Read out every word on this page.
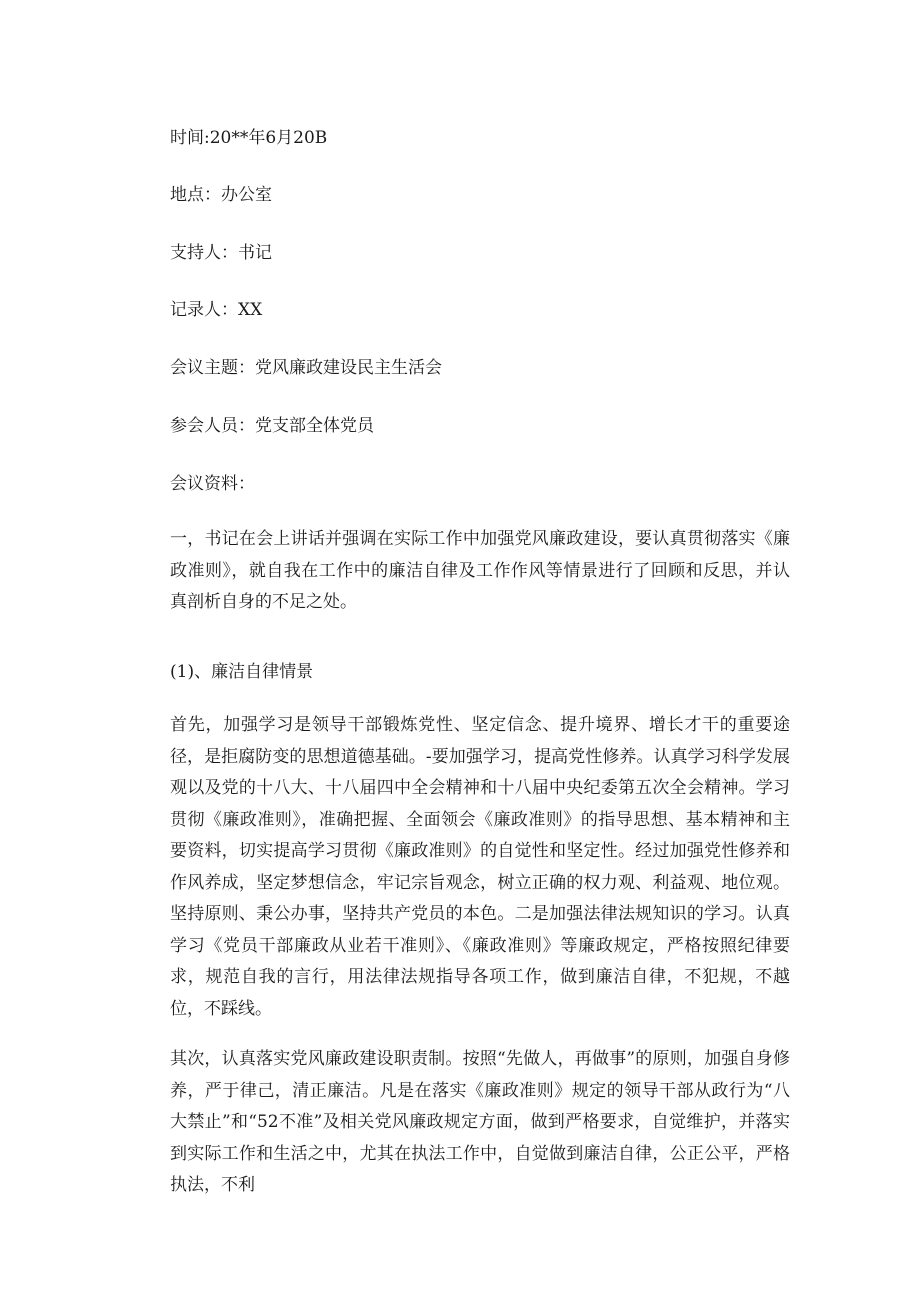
时间:20**年6月20B
地点：办公室
支持人：书记
记录人：XX
会议主题：党风廉政建设民主生活会
参会人员：党支部全体党员
会议资料：

一，书记在会上讲话并强调在实际工作中加强党风廉政建设，要认真贯彻落实《廉政准则》，就自我在工作中的廉洁自律及工作作风等情景进行了回顾和反思，并认真剖析自身的不足之处。

(1)、廉洁自律情景

首先，加强学习是领导干部锻炼党性、坚定信念、提升境界、增长才干的重要途径，是拒腐防变的思想道德基础。-要加强学习，提高党性修养。认真学习科学发展观以及党的十八大、十八届四中全会精神和十八届中央纪委第五次全会精神。学习贯彻《廉政准则》，准确把握、全面领会《廉政准则》的指导思想、基本精神和主要资料，切实提高学习贯彻《廉政准则》的自觉性和坚定性。经过加强党性修养和作风养成，坚定梦想信念，牢记宗旨观念，树立正确的权力观、利益观、地位观。坚持原则、秉公办事，坚持共产党员的本色。二是加强法律法规知识的学习。认真学习《党员干部廉政从业若干准则》、《廉政准则》等廉政规定，严格按照纪律要求，规范自我的言行，用法律法规指导各项工作，做到廉洁自律，不犯规，不越位，不踩线。

其次，认真落实党风廉政建设职责制。按照“先做人，再做事”的原则，加强自身修养，严于律己，清正廉洁。凡是在落实《廉政准则》规定的领导干部从政行为“八大禁止”和“52不准”及相关党风廉政规定方面，做到严格要求，自觉维护，并落实到实际工作和生活之中，尤其在执法工作中，自觉做到廉洁自律，公正公平，严格执法，不利
